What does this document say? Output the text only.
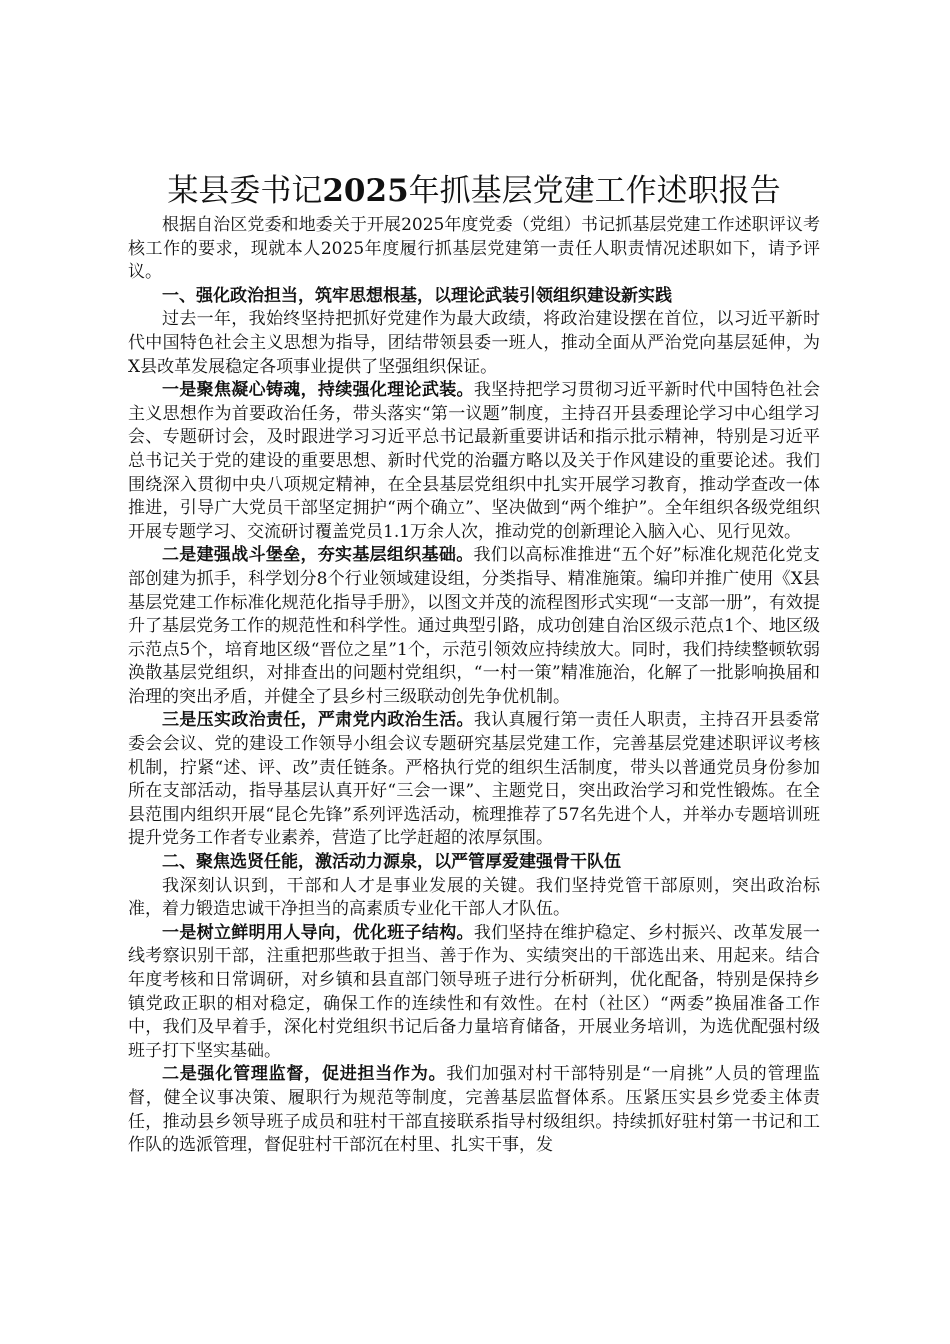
某县委书记2025年抓基层党建工作述职报告

根据自治区党委和地委关于开展2025年度党委（党组）书记抓基层党建工作述职评议考核工作的要求，现就本人2025年度履行抓基层党建第一责任人职责情况述职如下，请予评议。

一、强化政治担当，筑牢思想根基，以理论武装引领组织建设新实践

过去一年，我始终坚持把抓好党建作为最大政绩，将政治建设摆在首位，以习近平新时代中国特色社会主义思想为指导，团结带领县委一班人，推动全面从严治党向基层延伸，为X县改革发展稳定各项事业提供了坚强组织保证。

一是聚焦凝心铸魂，持续强化理论武装。我坚持把学习贯彻习近平新时代中国特色社会主义思想作为首要政治任务，带头落实“第一议题”制度，主持召开县委理论学习中心组学习会、专题研讨会，及时跟进学习习近平总书记最新重要讲话和指示批示精神，特别是习近平总书记关于党的建设的重要思想、新时代党的治疆方略以及关于作风建设的重要论述。我们围绕深入贯彻中央八项规定精神，在全县基层党组织中扎实开展学习教育，推动学查改一体推进，引导广大党员干部坚定拥护“两个确立”、坚决做到“两个维护”。全年组织各级党组织开展专题学习、交流研讨覆盖党员1.1万余人次，推动党的创新理论入脑入心、见行见效。

二是建强战斗堡垒，夯实基层组织基础。我们以高标准推进“五个好”标准化规范化党支部创建为抓手，科学划分8个行业领域建设组，分类指导、精准施策。编印并推广使用《X县基层党建工作标准化规范化指导手册》，以图文并茂的流程图形式实现“一支部一册”，有效提升了基层党务工作的规范性和科学性。通过典型引路，成功创建自治区级示范点1个、地区级示范点5个，培育地区级“晋位之星”1个，示范引领效应持续放大。同时，我们持续整顿软弱涣散基层党组织，对排查出的问题村党组织，“一村一策”精准施治，化解了一批影响换届和治理的突出矛盾，并健全了县乡村三级联动创先争优机制。

三是压实政治责任，严肃党内政治生活。我认真履行第一责任人职责，主持召开县委常委会会议、党的建设工作领导小组会议专题研究基层党建工作，完善基层党建述职评议考核机制，拧紧“述、评、改”责任链条。严格执行党的组织生活制度，带头以普通党员身份参加所在支部活动，指导基层认真开好“三会一课”、主题党日，突出政治学习和党性锻炼。在全县范围内组织开展“昆仑先锋”系列评选活动，梳理推荐了57名先进个人，并举办专题培训班提升党务工作者专业素养，营造了比学赶超的浓厚氛围。

二、聚焦选贤任能，激活动力源泉，以严管厚爱建强骨干队伍

我深刻认识到，干部和人才是事业发展的关键。我们坚持党管干部原则，突出政治标准，着力锻造忠诚干净担当的高素质专业化干部人才队伍。

一是树立鲜明用人导向，优化班子结构。我们坚持在维护稳定、乡村振兴、改革发展一线考察识别干部，注重把那些敢于担当、善于作为、实绩突出的干部选出来、用起来。结合年度考核和日常调研，对乡镇和县直部门领导班子进行分析研判，优化配备，特别是保持乡镇党政正职的相对稳定，确保工作的连续性和有效性。在村（社区）“两委”换届准备工作中，我们及早着手，深化村党组织书记后备力量培育储备，开展业务培训，为选优配强村级班子打下坚实基础。

二是强化管理监督，促进担当作为。我们加强对村干部特别是“一肩挑”人员的管理监督，健全议事决策、履职行为规范等制度，完善基层监督体系。压紧压实县乡党委主体责任，推动县乡领导班子成员和驻村干部直接联系指导村级组织。持续抓好驻村第一书记和工作队的选派管理，督促驻村干部沉在村里、扎实干事，发
